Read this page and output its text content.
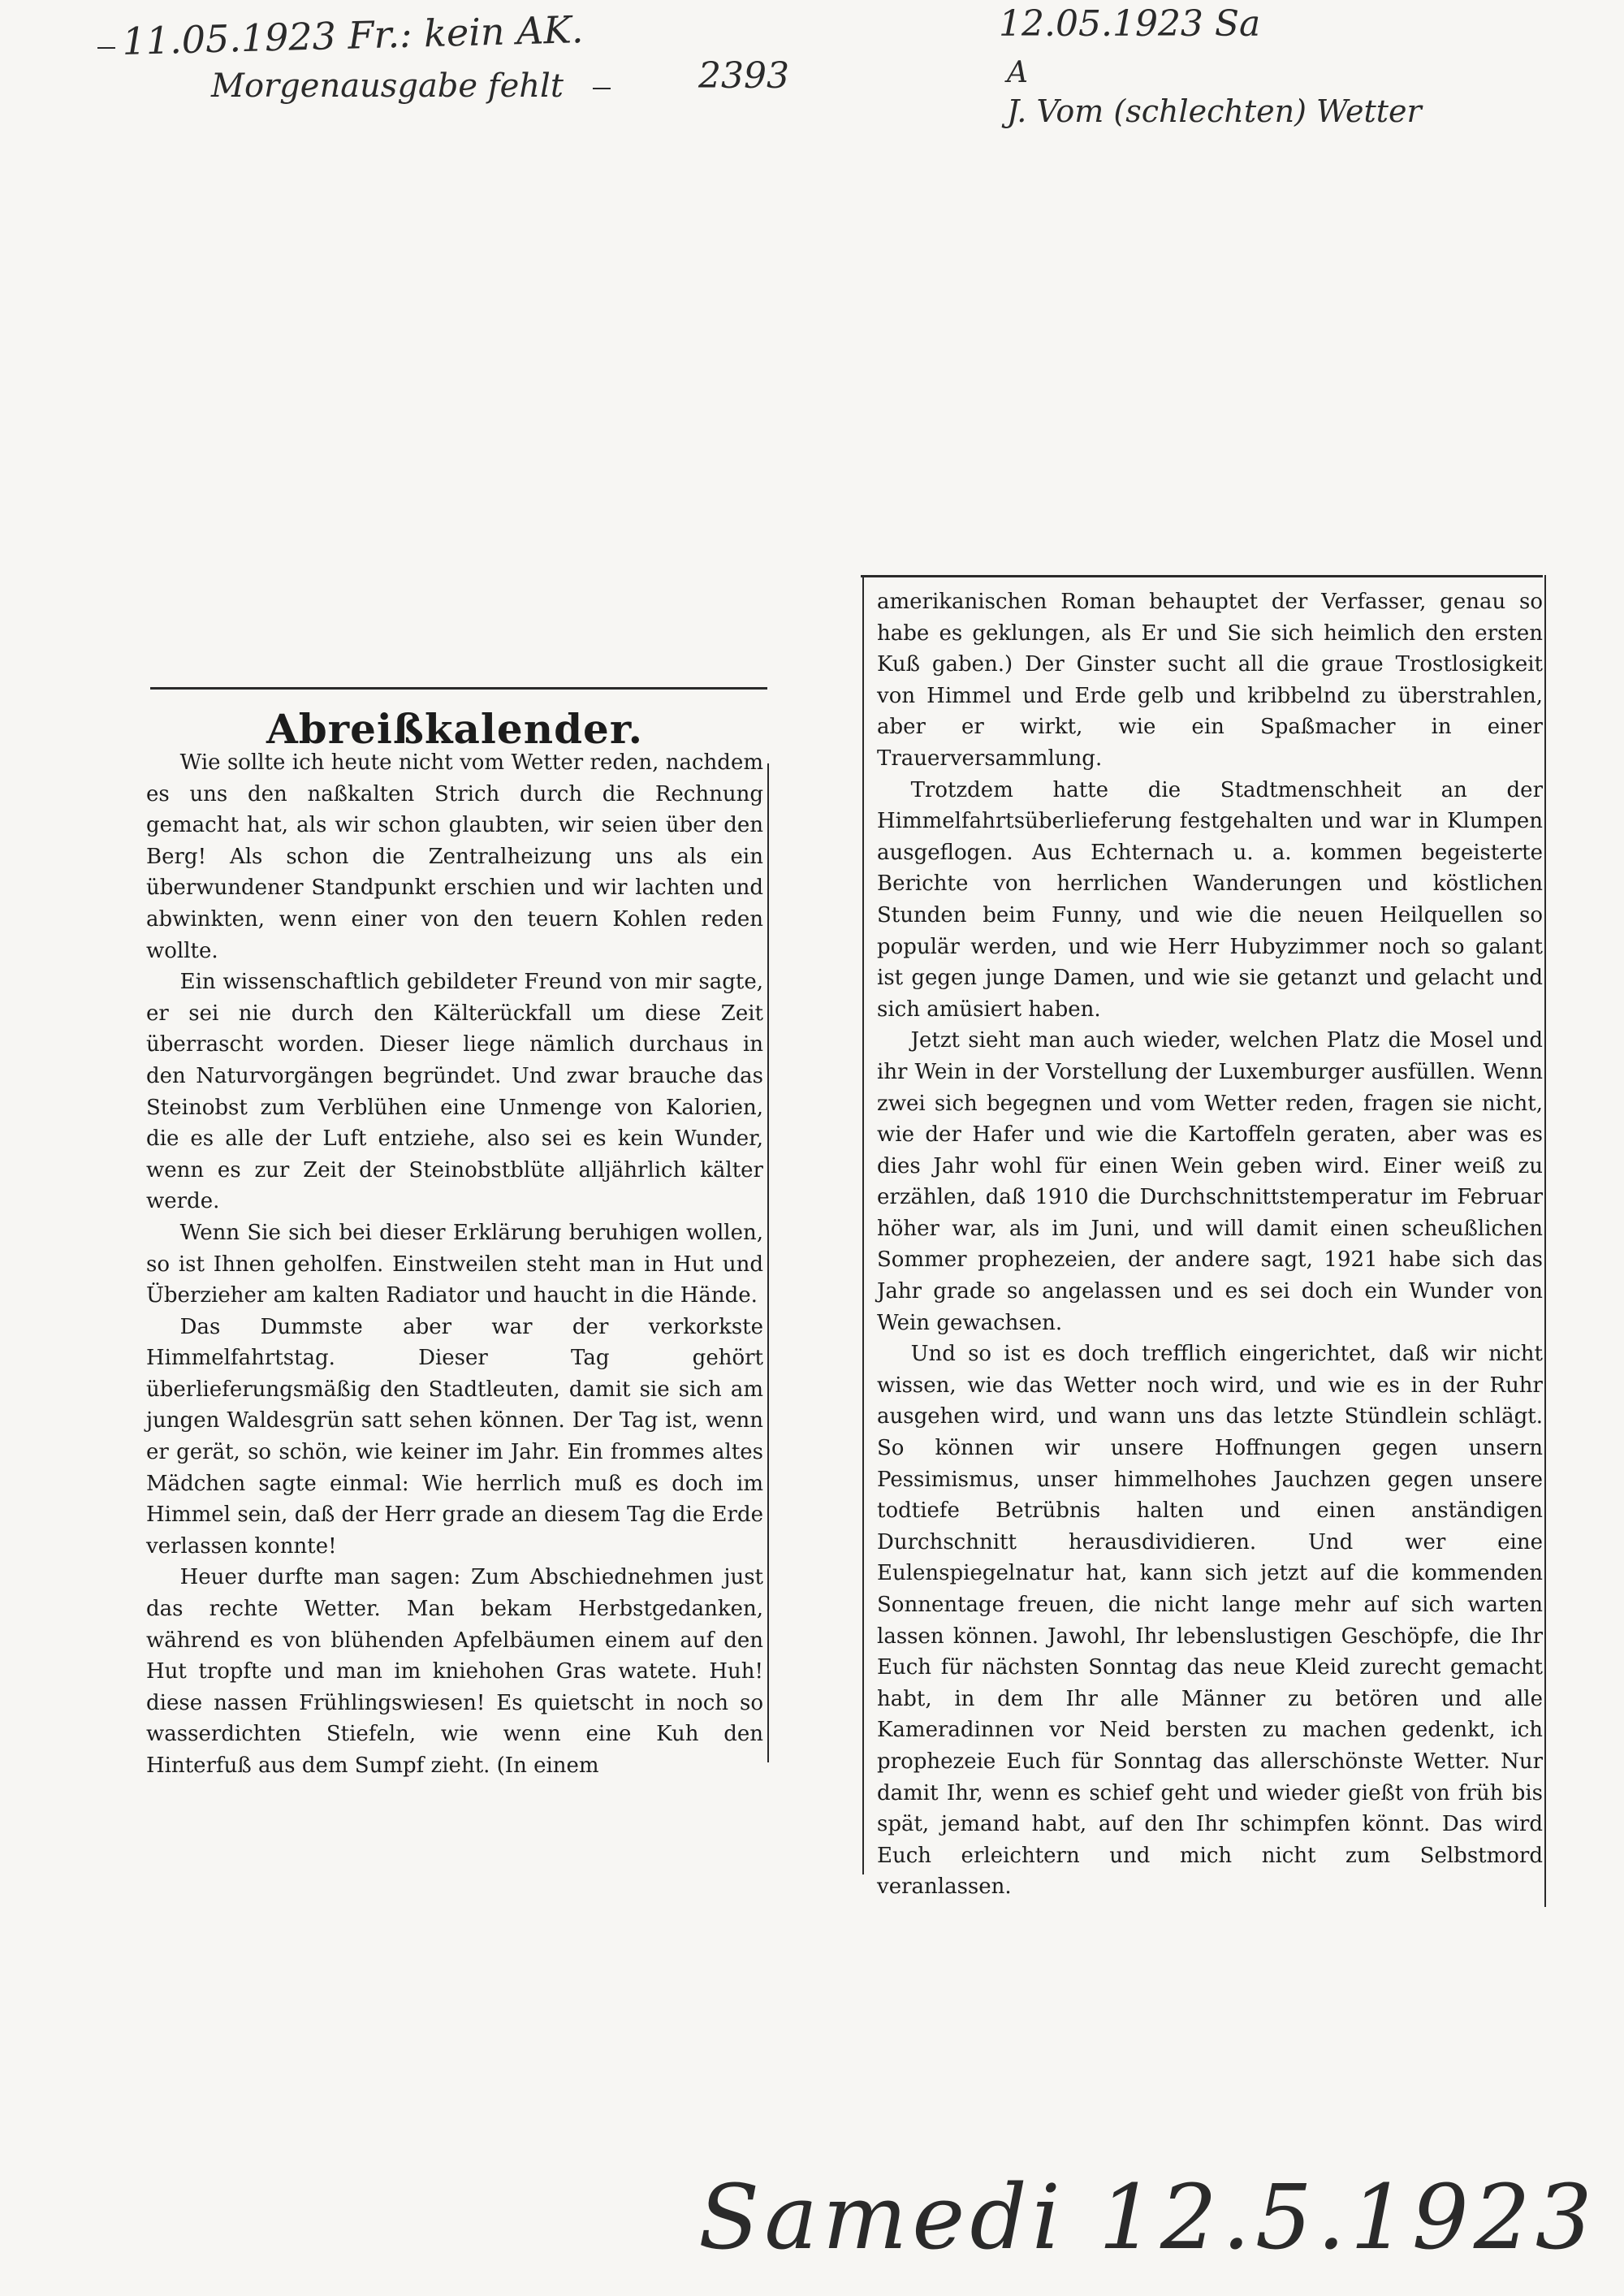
11.05.1923 Fr.: kein AK.
Morgenausgabe fehlt	2393
12.05.1923 Sa
A
J. Vom (schlechten) Wetter
Abreißkalender.

Wie sollte ich heute nicht vom Wetter reden, nachdem es uns den naßkalten Strich durch die Rechnung gemacht hat, als wir schon glaubten, wir seien über den Berg! Als schon die Zentralheizung uns als ein überwundener Standpunkt erschien und wir lachten und abwinkten, wenn einer von den teuern Kohlen reden wollte.

Ein wissenschaftlich gebildeter Freund von mir sagte, er sei nie durch den Kälterückfall um diese Zeit überrascht worden. Dieser liege nämlich durchaus in den Naturvorgängen begründet. Und zwar brauche das Steinobst zum Verblühen eine Unmenge von Kalorien, die es alle der Luft entziehe, also sei es kein Wunder, wenn es zur Zeit der Steinobstblüte alljährlich kälter werde.

Wenn Sie sich bei dieser Erklärung beruhigen wollen, so ist Ihnen geholfen. Einstweilen steht man in Hut und Überzieher am kalten Radiator und haucht in die Hände.

Das Dummste aber war der verkorkste Himmelfahrtstag. Dieser Tag gehört überlieferungsmäßig den Stadtleuten, damit sie sich am jungen Waldesgrün satt sehen können. Der Tag ist, wenn er gerät, so schön, wie keiner im Jahr. Ein frommes altes Mädchen sagte einmal: Wie herrlich muß es doch im Himmel sein, daß der Herr grade an diesem Tag die Erde verlassen konnte!

Heuer durfte man sagen: Zum Abschiednehmen just das rechte Wetter. Man bekam Herbstgedanken, während es von blühenden Apfelbäumen einem auf den Hut tropfte und man im kniehohen Gras watete. Huh! diese nassen Frühlingswiesen! Es quietscht in noch so wasserdichten Stiefeln, wie wenn eine Kuh den Hinterfuß aus dem Sumpf zieht. (In einem

amerikanischen Roman behauptet der Verfasser, genau so habe es geklungen, als Er und Sie sich heimlich den ersten Kuß gaben.) Der Ginster sucht all die graue Trostlosigkeit von Himmel und Erde gelb und kribbelnd zu überstrahlen, aber er wirkt, wie ein Spaßmacher in einer Trauerversammlung.

Trotzdem hatte die Stadtmenschheit an der Himmelfahrtsüberlieferung festgehalten und war in Klumpen ausgeflogen. Aus Echternach u. a. kommen begeisterte Berichte von herrlichen Wanderungen und köstlichen Stunden beim Funny, und wie die neuen Heilquellen so populär werden, und wie Herr Hubyzimmer noch so galant ist gegen junge Damen, und wie sie getanzt und gelacht und sich amüsiert haben.

Jetzt sieht man auch wieder, welchen Platz die Mosel und ihr Wein in der Vorstellung der Luxemburger ausfüllen. Wenn zwei sich begegnen und vom Wetter reden, fragen sie nicht, wie der Hafer und wie die Kartoffeln geraten, aber was es dies Jahr wohl für einen Wein geben wird. Einer weiß zu erzählen, daß 1910 die Durchschnittstemperatur im Februar höher war, als im Juni, und will damit einen scheußlichen Sommer prophezeien, der andere sagt, 1921 habe sich das Jahr grade so angelassen und es sei doch ein Wunder von Wein gewachsen.

Und so ist es doch trefflich eingerichtet, daß wir nicht wissen, wie das Wetter noch wird, und wie es in der Ruhr ausgehen wird, und wann uns das letzte Stündlein schlägt. So können wir unsere Hoffnungen gegen unsern Pessimismus, unser himmelhohes Jauchzen gegen unsere todtiefe Betrübnis halten und einen anständigen Durchschnitt herausdividieren. Und wer eine Eulenspiegelnatur hat, kann sich jetzt auf die kommenden Sonnentage freuen, die nicht lange mehr auf sich warten lassen können. Jawohl, Ihr lebenslustigen Geschöpfe, die Ihr Euch für nächsten Sonntag das neue Kleid zurecht gemacht habt, in dem Ihr alle Männer zu betören und alle Kameradinnen vor Neid bersten zu machen gedenkt, ich prophezeie Euch für Sonntag das allerschönste Wetter. Nur damit Ihr, wenn es schief geht und wieder gießt von früh bis spät, jemand habt, auf den Ihr schimpfen könnt. Das wird Euch erleichtern und mich nicht zum Selbstmord veranlassen.

Samedi 12.5.1923
